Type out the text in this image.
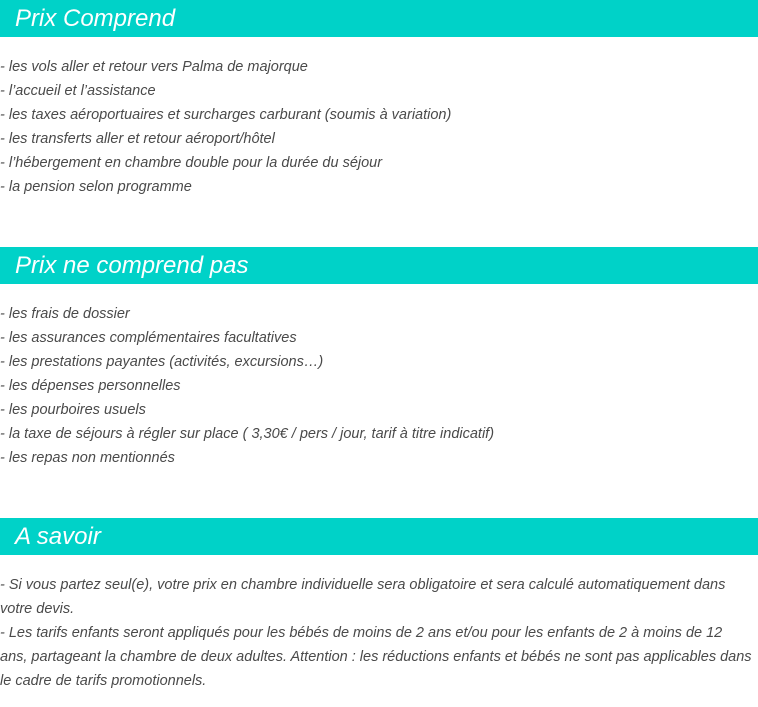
Prix Comprend
- les vols aller et retour vers Palma de majorque
- l’accueil et l’assistance
- les taxes aéroportuaires et surcharges carburant (soumis à variation)
- les transferts aller et retour aéroport/hôtel
- l’hébergement en chambre double pour la durée du séjour
- la pension selon programme
Prix ne comprend pas
- les frais de dossier
- les assurances complémentaires facultatives
- les prestations payantes (activités, excursions…)
- les dépenses personnelles
- les pourboires usuels
- la taxe de séjours à régler sur place ( 3,30€ / pers / jour, tarif à titre indicatif)
- les repas non mentionnés
A savoir
- Si vous partez seul(e), votre prix en chambre individuelle sera obligatoire et sera calculé automatiquement dans votre devis.
- Les tarifs enfants seront appliqués pour les bébés de moins de 2 ans et/ou pour les enfants de 2 à moins de 12 ans, partageant la chambre de deux adultes. Attention : les réductions enfants et bébés ne sont pas applicables dans le cadre de tarifs promotionnels.
